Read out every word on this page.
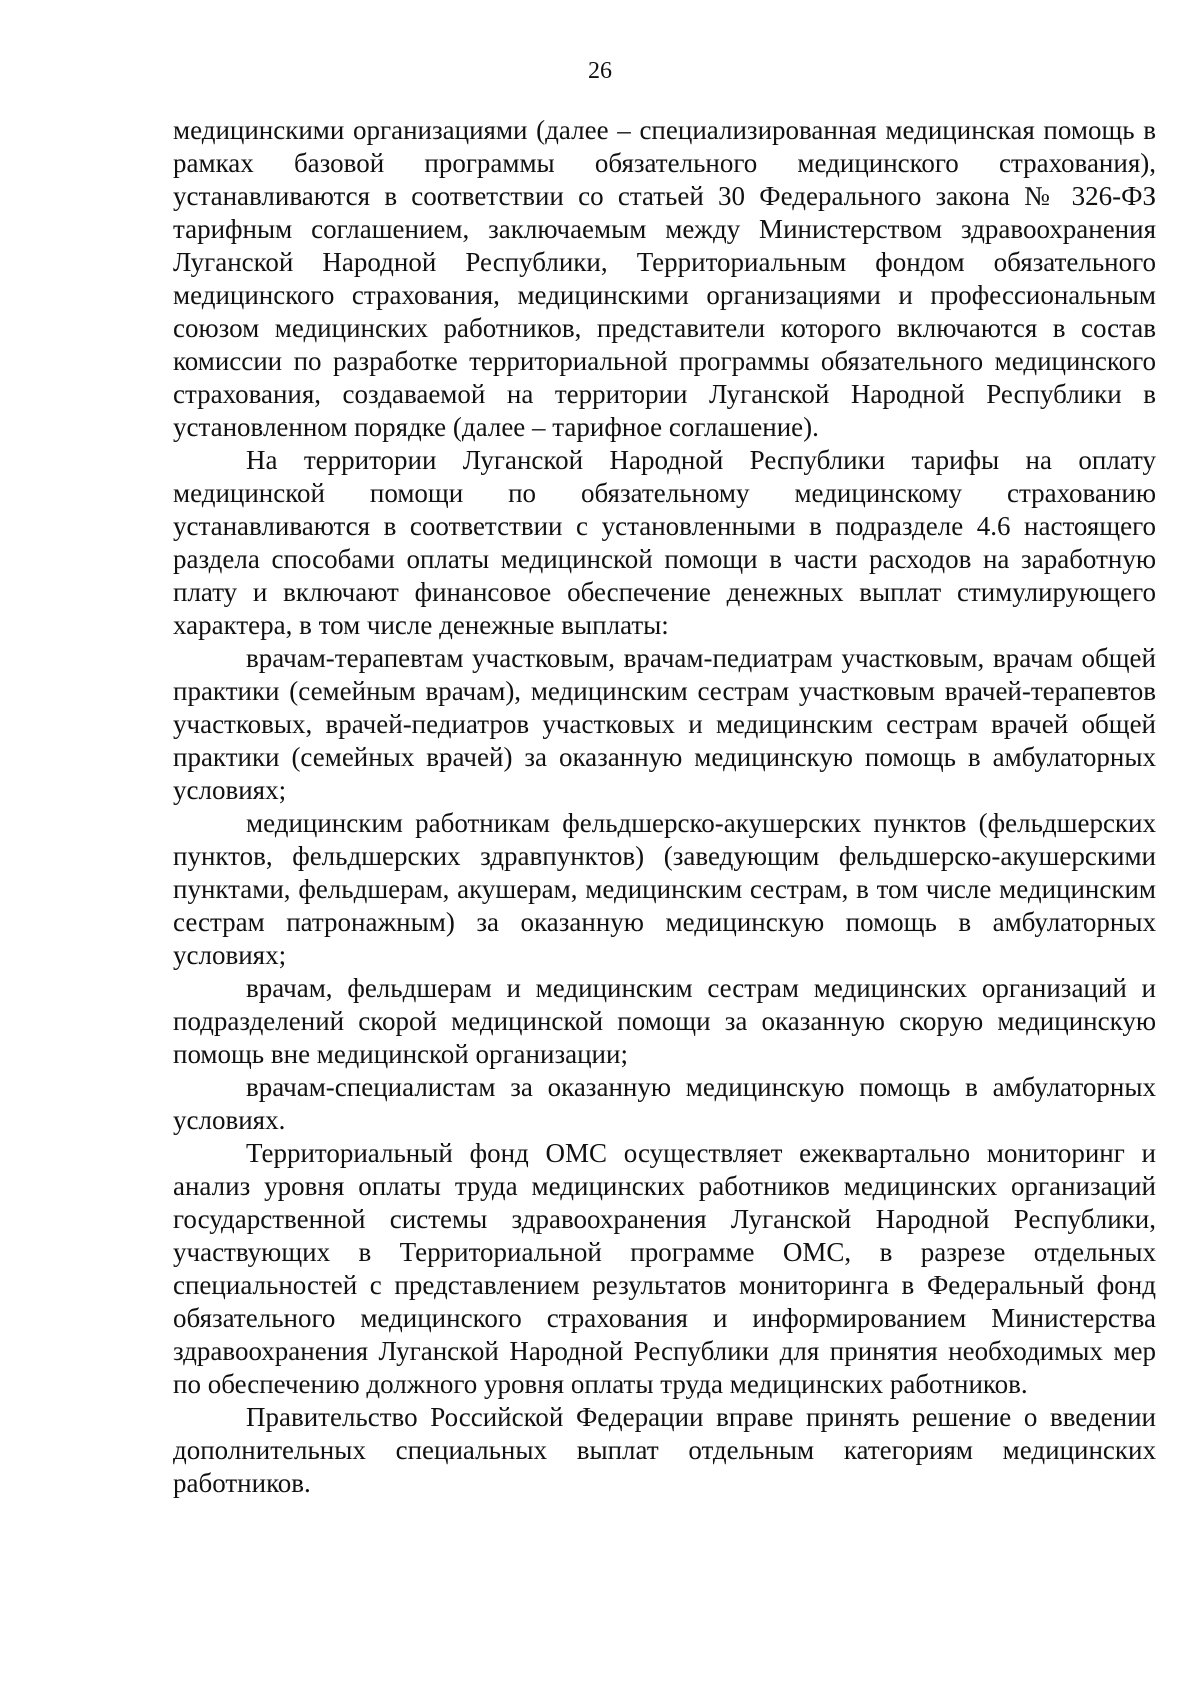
26

медицинскими организациями (далее – специализированная медицинская помощь в рамках базовой программы обязательного медицинского страхования), устанавливаются в соответствии со статьей 30 Федерального закона № 326-ФЗ тарифным соглашением, заключаемым между Министерством здравоохранения Луганской Народной Республики, Территориальным фондом обязательного медицинского страхования, медицинскими организациями и профессиональным союзом медицинских работников, представители которого включаются в состав комиссии по разработке территориальной программы обязательного медицинского страхования, создаваемой на территории Луганской Народной Республики в установленном порядке (далее – тарифное соглашение).

На территории Луганской Народной Республики тарифы на оплату медицинской помощи по обязательному медицинскому страхованию устанавливаются в соответствии с установленными в подразделе 4.6 настоящего раздела способами оплаты медицинской помощи в части расходов на заработную плату и включают финансовое обеспечение денежных выплат стимулирующего характера, в том числе денежные выплаты:

врачам-терапевтам участковым, врачам-педиатрам участковым, врачам общей практики (семейным врачам), медицинским сестрам участковым врачей-терапевтов участковых, врачей-педиатров участковых и медицинским сестрам врачей общей практики (семейных врачей) за оказанную медицинскую помощь в амбулаторных условиях;

медицинским работникам фельдшерско-акушерских пунктов (фельдшерских пунктов, фельдшерских здравпунктов) (заведующим фельдшерско-акушерскими пунктами, фельдшерам, акушерам, медицинским сестрам, в том числе медицинским сестрам патронажным) за оказанную медицинскую помощь в амбулаторных условиях;

врачам, фельдшерам и медицинским сестрам медицинских организаций и подразделений скорой медицинской помощи за оказанную скорую медицинскую помощь вне медицинской организации;

врачам-специалистам за оказанную медицинскую помощь в амбулаторных условиях.

Территориальный фонд ОМС осуществляет ежеквартально мониторинг и анализ уровня оплаты труда медицинских работников медицинских организаций государственной системы здравоохранения Луганской Народной Республики, участвующих в Территориальной программе ОМС, в разрезе отдельных специальностей с представлением результатов мониторинга в Федеральный фонд обязательного медицинского страхования и информированием Министерства здравоохранения Луганской Народной Республики для принятия необходимых мер по обеспечению должного уровня оплаты труда медицинских работников.

Правительство Российской Федерации вправе принять решение о введении дополнительных специальных выплат отдельным категориям медицинских работников.
